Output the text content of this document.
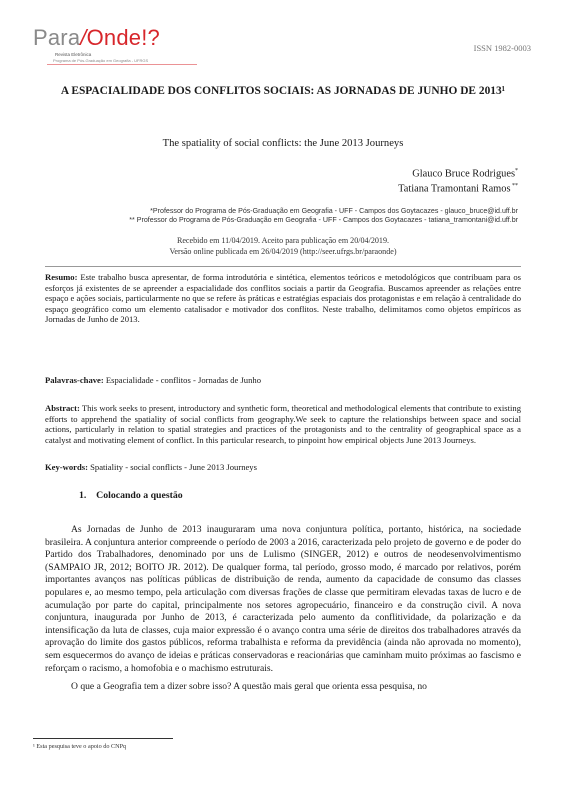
Para/Onde!?
Revista Eletrônica
Programa de Pós-Graduação em Geografia - UFRGS
ISSN 1982-0003
A ESPACIALIDADE DOS CONFLITOS SOCIAIS: AS JORNADAS DE JUNHO DE 2013¹
The spatiality of social conflicts: the June 2013 Journeys
Glauco Bruce Rodrigues*
Tatiana Tramontani Ramos **
*Professor do Programa de Pós-Graduação em Geografia - UFF - Campos dos Goytacazes - glauco_bruce@id.uff.br
** Professor do Programa de Pós-Graduação em Geografia - UFF - Campos dos Goytacazes - tatiana_tramontani@id.uff.br
Recebido em 11/04/2019. Aceito para publicação em 20/04/2019.
Versão online publicada em 26/04/2019 (http://seer.ufrgs.br/paraonde)
Resumo: Este trabalho busca apresentar, de forma introdutória e sintética, elementos teóricos e metodológicos que contribuam para os esforços já existentes de se apreender a espacialidade dos conflitos sociais a partir da Geografia. Buscamos apreender as relações entre espaço e ações sociais, particularmente no que se refere às práticas e estratégias espaciais dos protagonistas e em relação à centralidade do espaço geográfico como um elemento catalisador e motivador dos conflitos. Neste trabalho, delimitamos como objetos empíricos as Jornadas de Junho de 2013.
Palavras-chave: Espacialidade - conflitos - Jornadas de Junho
Abstract: This work seeks to present, introductory and synthetic form, theoretical and methodological elements that contribute to existing efforts to apprehend the spatiality of social conflicts from geography.We seek to capture the relationships between space and social actions, particularly in relation to spatial strategies and practices of the protagonists and to the centrality of geographical space as a catalyst and motivating element of conflict. In this particular research, to pinpoint how empirical objects June 2013 Journeys.
Key-words: Spatiality - social conflicts - June 2013 Journeys
1.    Colocando a questão

As Jornadas de Junho de 2013 inauguraram uma nova conjuntura política, portanto, histórica, na sociedade brasileira. A conjuntura anterior compreende o período de 2003 a 2016, caracterizada pelo projeto de governo e de poder do Partido dos Trabalhadores, denominado por uns de Lulismo (SINGER, 2012) e outros de neodesenvolvimentismo (SAMPAIO JR, 2012; BOITO JR. 2012). De qualquer forma, tal período, grosso modo, é marcado por relativos, porém importantes avanços nas políticas públicas de distribuição de renda, aumento da capacidade de consumo das classes populares e, ao mesmo tempo, pela articulação com diversas frações de classe que permitiram elevadas taxas de lucro e de acumulação por parte do capital, principalmente nos setores agropecuário, financeiro e da construção civil. A nova conjuntura, inaugurada por Junho de 2013, é caracterizada pelo aumento da conflitividade, da polarização e da intensificação da luta de classes, cuja maior expressão é o avanço contra uma série de direitos dos trabalhadores através da aprovação do limite dos gastos públicos, reforma trabalhista e reforma da previdência (ainda não aprovada no momento), sem esquecermos do avanço de ideias e práticas conservadoras e reacionárias que caminham muito próximas ao fascismo e reforçam o racismo, a homofobia e o machismo estruturais.

O que a Geografia tem a dizer sobre isso? A questão mais geral que orienta essa pesquisa, no

¹ Esta pesquisa teve o apoio do CNPq
